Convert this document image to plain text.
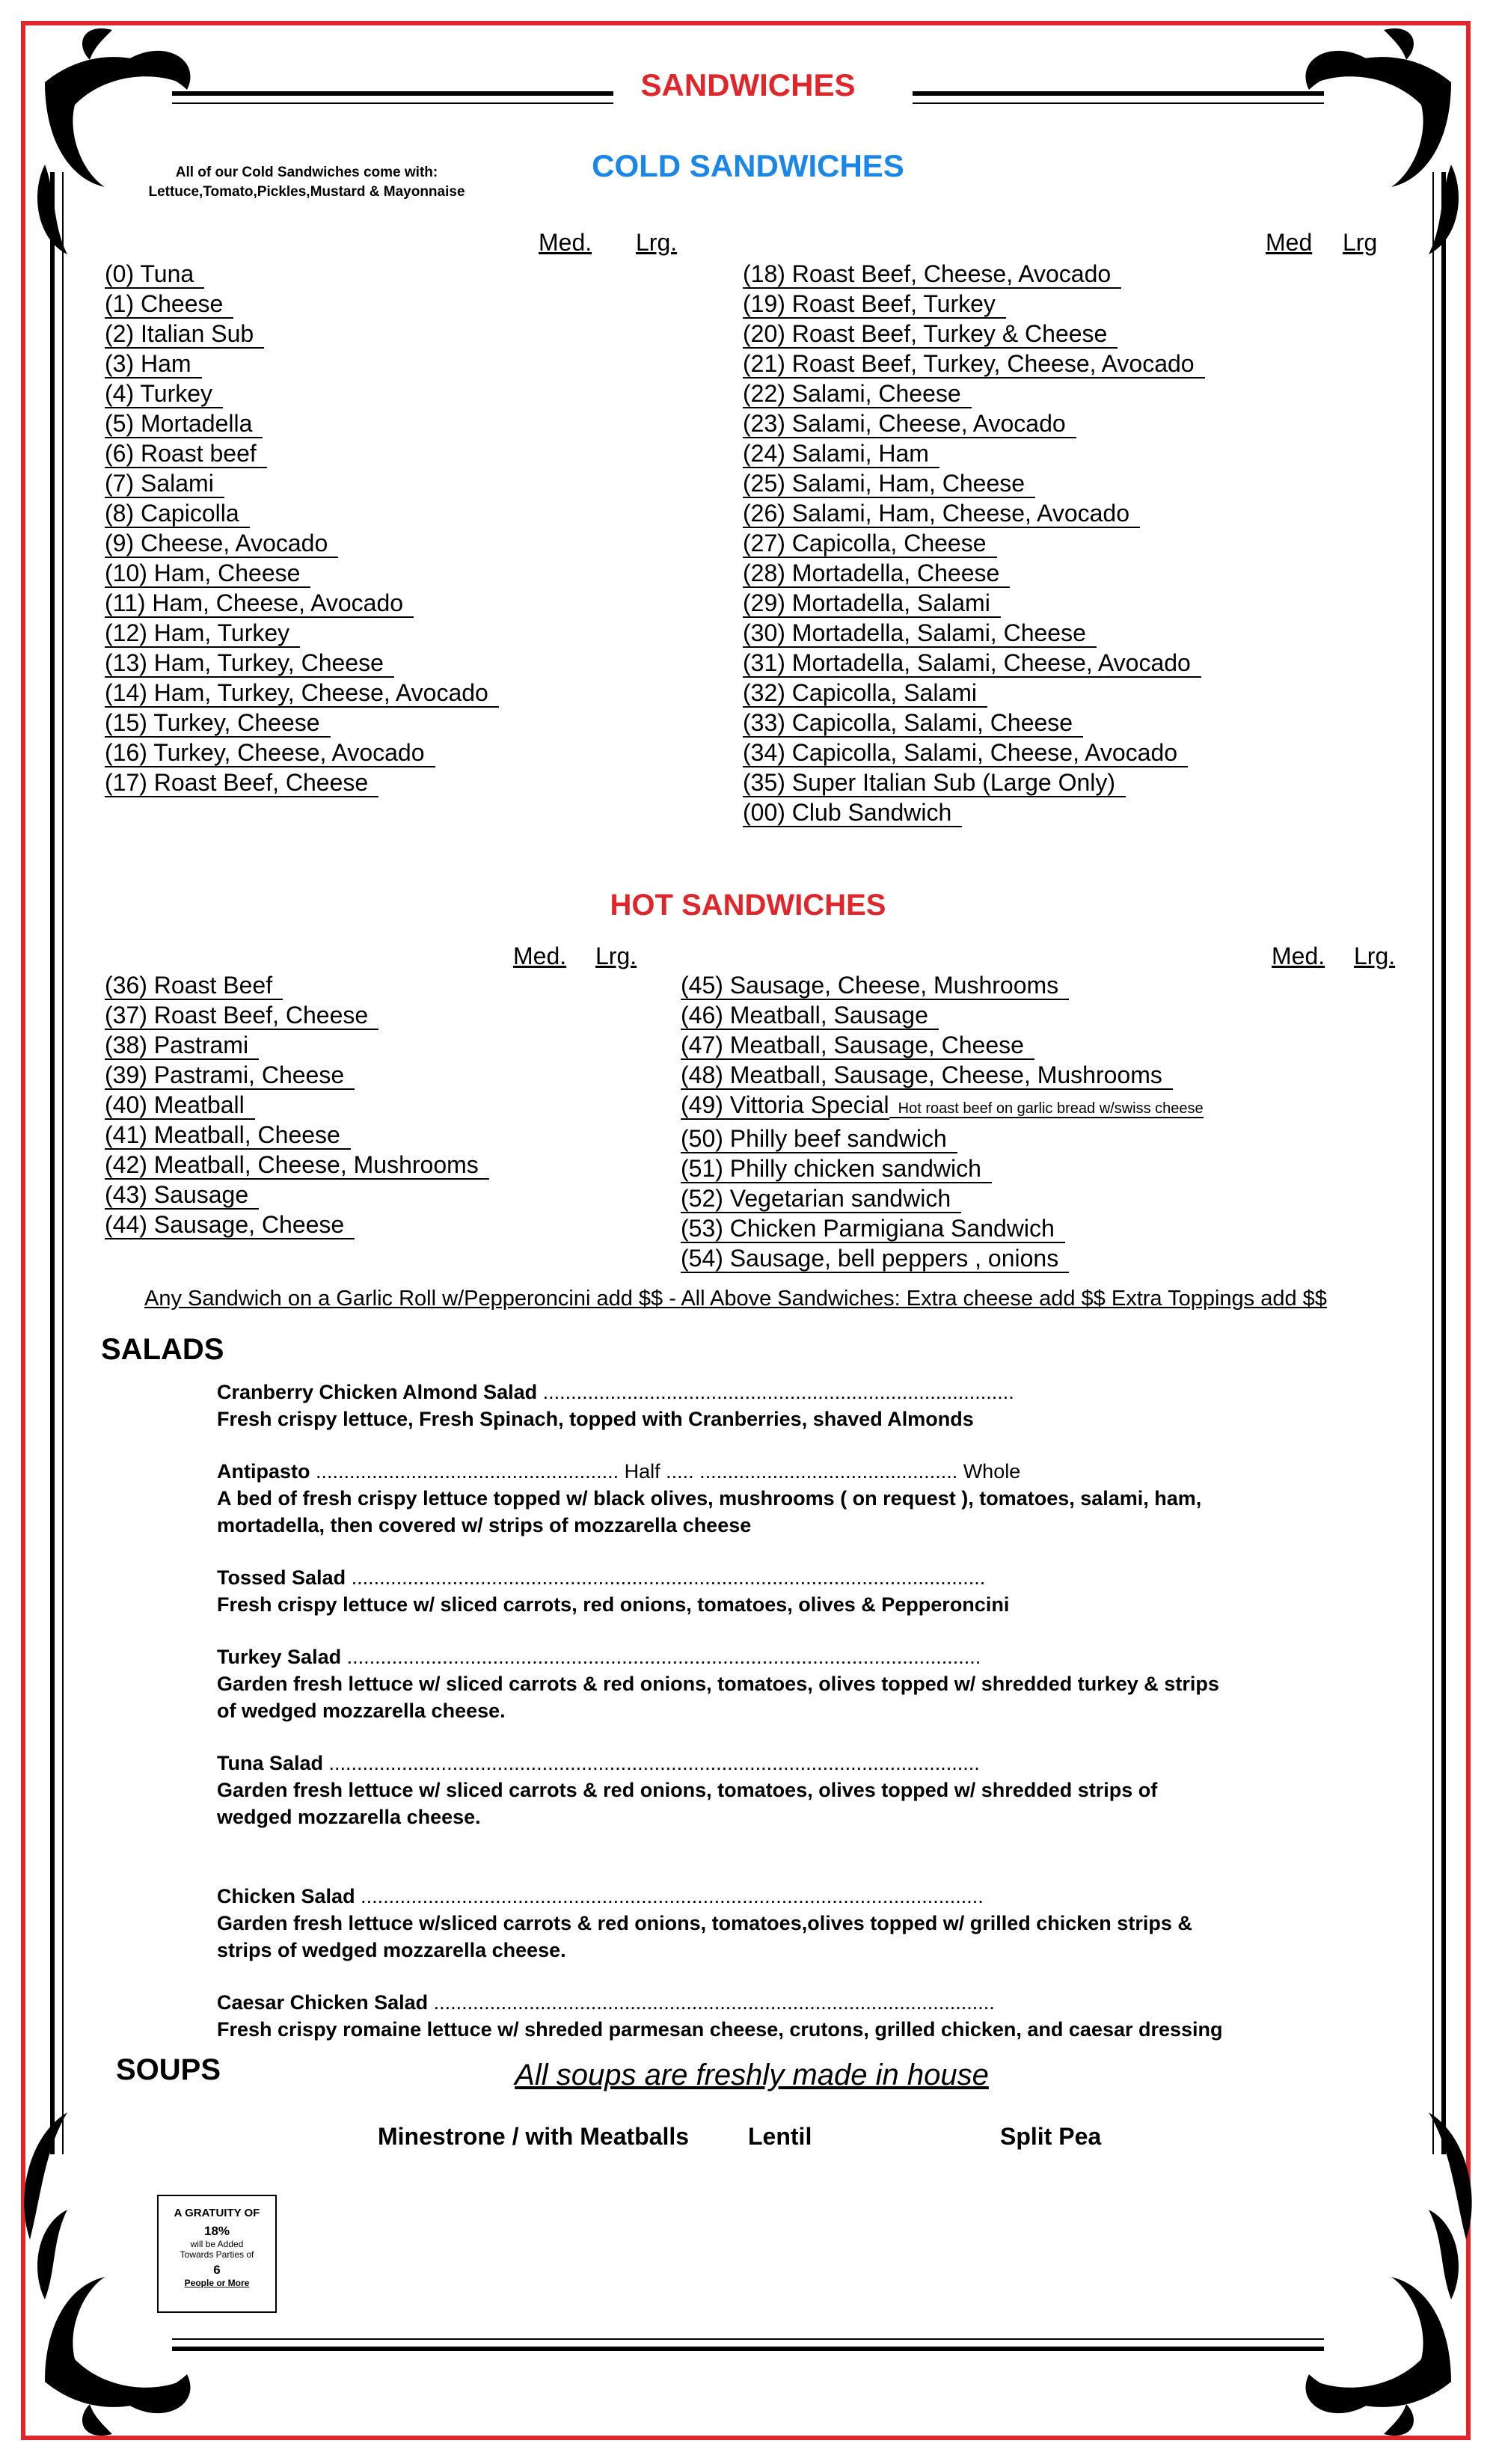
SANDWICHES
COLD SANDWICHES
All of our Cold Sandwiches come with:
Lettuce,Tomato,Pickles,Mustard & Mayonnaise
Med. Lrg.	Med Lrg
(0) Tuna
(1) Cheese
(2) Italian Sub
(3) Ham
(4) Turkey
(5) Mortadella
(6) Roast beef
(7) Salami
(8) Capicolla
(9) Cheese, Avocado
(10) Ham, Cheese
(11) Ham, Cheese, Avocado
(12) Ham, Turkey
(13) Ham, Turkey, Cheese
(14) Ham, Turkey, Cheese, Avocado
(15) Turkey, Cheese
(16) Turkey, Cheese, Avocado
(17) Roast Beef, Cheese
(18) Roast Beef, Cheese, Avocado
(19) Roast Beef, Turkey
(20) Roast Beef, Turkey & Cheese
(21) Roast Beef, Turkey, Cheese, Avocado
(22) Salami, Cheese
(23) Salami, Cheese, Avocado
(24) Salami, Ham
(25) Salami, Ham, Cheese
(26) Salami, Ham, Cheese, Avocado
(27) Capicolla, Cheese
(28) Mortadella, Cheese
(29) Mortadella, Salami
(30) Mortadella, Salami, Cheese
(31) Mortadella, Salami, Cheese, Avocado
(32) Capicolla, Salami
(33) Capicolla, Salami, Cheese
(34) Capicolla, Salami, Cheese, Avocado
(35) Super Italian Sub (Large Only)
(00) Club Sandwich
HOT SANDWICHES
Med. Lrg.	Med. Lrg.
(36) Roast Beef
(37) Roast Beef, Cheese
(38) Pastrami
(39) Pastrami, Cheese
(40) Meatball
(41) Meatball, Cheese
(42) Meatball, Cheese, Mushrooms
(43) Sausage
(44) Sausage, Cheese
(45) Sausage, Cheese, Mushrooms
(46) Meatball, Sausage
(47) Meatball, Sausage, Cheese
(48) Meatball, Sausage, Cheese, Mushrooms
(49) Vittoria Special Hot roast beef on garlic bread w/swiss cheese
(50) Philly beef sandwich
(51) Philly chicken sandwich
(52) Vegetarian sandwich
(53) Chicken Parmigiana Sandwich
(54) Sausage, bell peppers , onions
Any Sandwich on a Garlic Roll w/Pepperoncini add $$ - All Above Sandwiches: Extra cheese add $$ Extra Toppings add $$
SALADS
Cranberry Chicken Almond Salad ....................................................................................
Fresh crispy lettuce, Fresh Spinach, topped with Cranberries, shaved Almonds
Antipasto ...................................................... Half ..... .............................................. Whole
A bed of fresh crispy lettuce topped w/ black olives, mushrooms ( on request ), tomatoes, salami, ham, mortadella, then covered w/ strips of mozzarella cheese
Tossed Salad .................................................................................................................
Fresh crispy lettuce w/ sliced carrots, red onions, tomatoes, olives & Pepperoncini
Turkey Salad .................................................................................................................
Garden fresh lettuce w/ sliced carrots & red onions, tomatoes, olives topped w/ shredded turkey & strips of wedged mozzarella cheese.
Tuna Salad ....................................................................................................................
Garden fresh lettuce w/ sliced carrots & red onions, tomatoes, olives topped w/ shredded strips of wedged mozzarella cheese.
Chicken Salad ...............................................................................................................
Garden fresh lettuce w/sliced carrots & red onions, tomatoes,olives topped w/ grilled chicken strips & strips of wedged mozzarella cheese.
Caesar Chicken Salad ....................................................................................................
Fresh crispy romaine lettuce w/ shreded parmesan cheese, crutons, grilled chicken, and caesar dressing
SOUPS	All soups are freshly made in house
Minestrone / with Meatballs Lentil	Split Pea
A GRATUITY OF
18%
will be Added
Towards Parties of
6
People or More
